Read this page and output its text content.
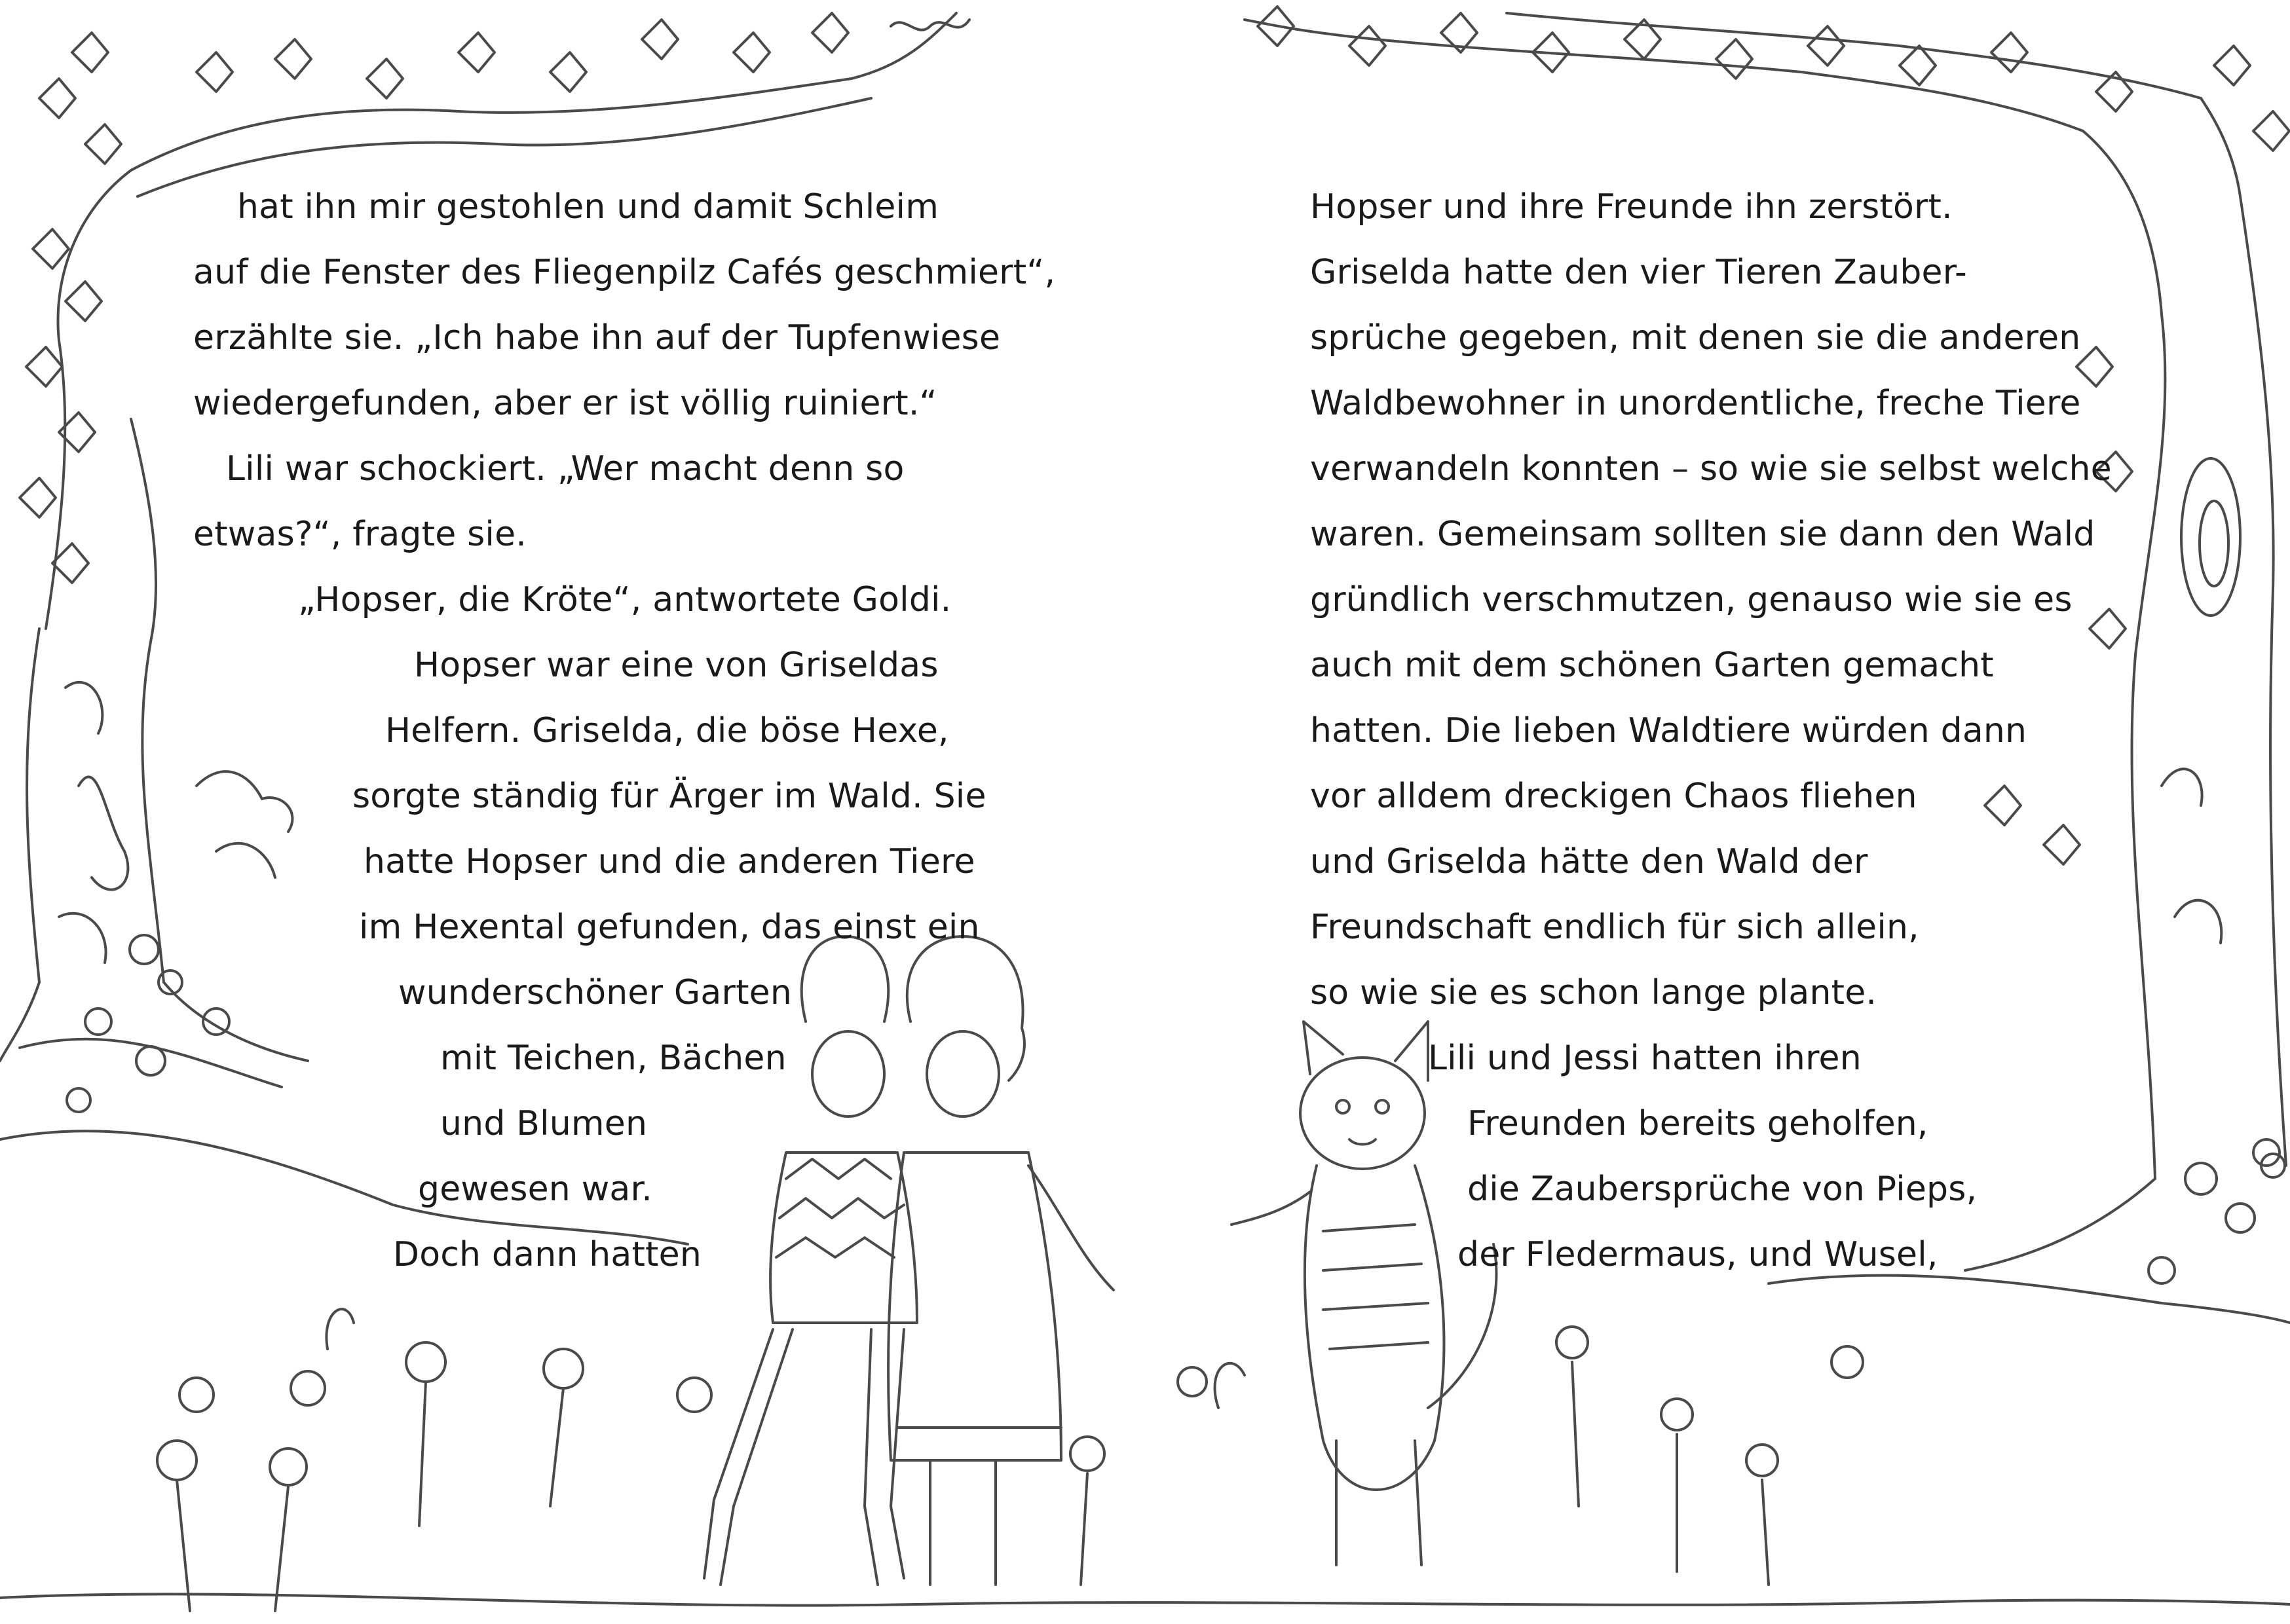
hat ihn mir gestohlen und damit Schleim
auf die Fenster des Fliegenpilz Cafés geschmiert“,
erzählte sie. „Ich habe ihn auf der Tupfenwiese
wiedergefunden, aber er ist völlig ruiniert.“
Lili war schockiert. „Wer macht denn so
etwas?“, fragte sie.
„Hopser, die Kröte“, antwortete Goldi.
Hopser war eine von Griseldas
Helfern. Griselda, die böse Hexe,
sorgte ständig für Ärger im Wald. Sie
hatte Hopser und die anderen Tiere
im Hexental gefunden, das einst ein
wunderschöner Garten
mit Teichen, Bächen
und Blumen
gewesen war.
Doch dann hatten
Hopser und ihre Freunde ihn zerstört.
Griselda hatte den vier Tieren Zauber-
sprüche gegeben, mit denen sie die anderen
Waldbewohner in unordentliche, freche Tiere
verwandeln konnten – so wie sie selbst welche
waren. Gemeinsam sollten sie dann den Wald
gründlich verschmutzen, genauso wie sie es
auch mit dem schönen Garten gemacht
hatten. Die lieben Waldtiere würden dann
vor alldem dreckigen Chaos fliehen
und Griselda hätte den Wald der
Freundschaft endlich für sich allein,
so wie sie es schon lange plante.
Lili und Jessi hatten ihren
Freunden bereits geholfen,
die Zaubersprüche von Pieps,
der Fledermaus, und Wusel,
